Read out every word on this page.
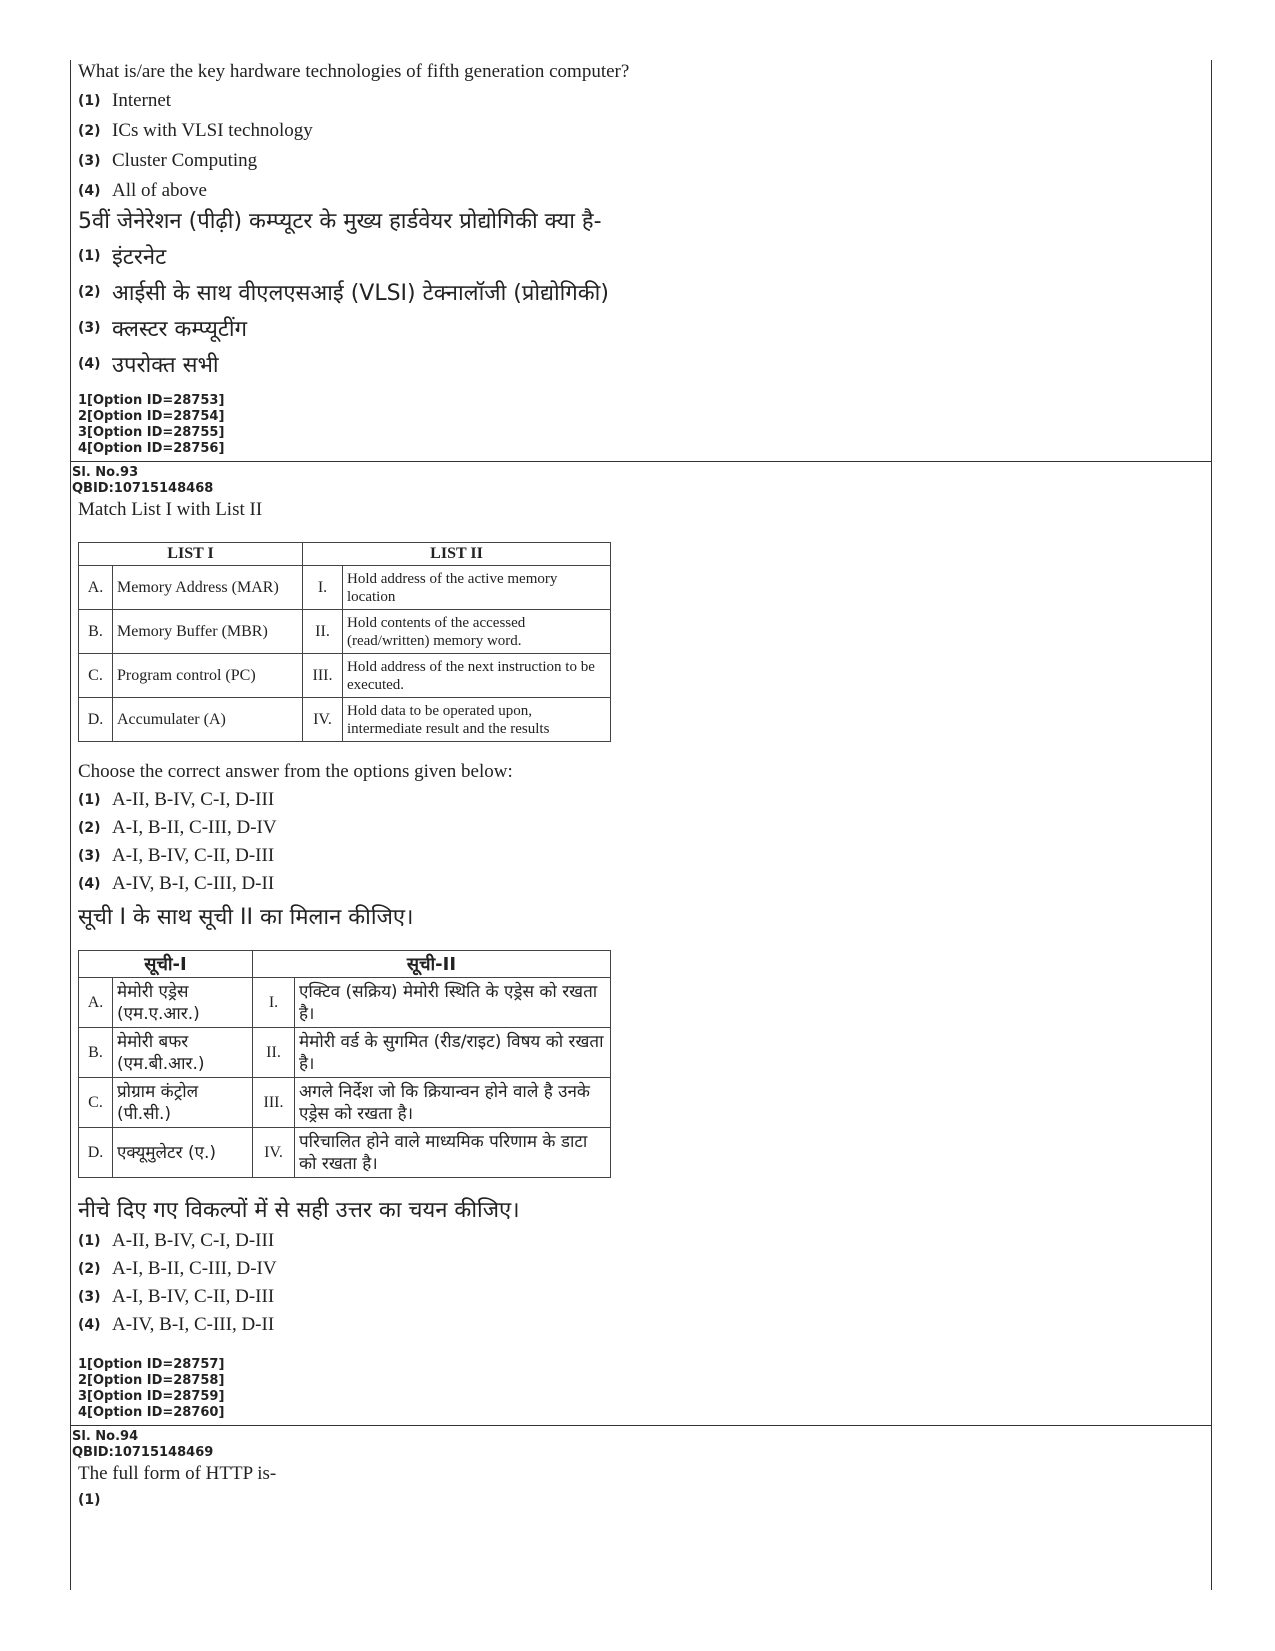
What is/are the key hardware technologies of fifth generation computer?

(1) Internet
(2) ICs with VLSI technology
(3) Cluster Computing
(4) All of above

5वीं जेनेरेशन (पीढ़ी) कम्प्यूटर के मुख्य हार्डवेयर प्रोद्योगिकी क्या है-

(1) इंटरनेट
(2) आईसी के साथ वीएलएसआई (VLSI) टेक्नालॉजी (प्रोद्योगिकी)
(3) क्लस्टर कम्प्यूटींग
(4) उपरोक्त सभी
1[Option ID=28753]
2[Option ID=28754]
3[Option ID=28755]
4[Option ID=28756]
Sl. No.93
QBID:10715148468

Match List I with List II

LIST I		LIST II	
A.	Memory Address (MAR)	I.	Hold address of the active memory location
B.	Memory Buffer (MBR)	II.	Hold contents of the accessed (read/written) memory word.
C.	Program control (PC)	III.	Hold address of the next instruction to be executed.
D.	Accumulater (A)	IV.	Hold data to be operated upon, intermediate result and the results

Choose the correct answer from the options given below:

(1) A-II, B-IV, C-I, D-III
(2) A-I, B-II, C-III, D-IV
(3) A-I, B-IV, C-II, D-III
(4) A-IV, B-I, C-III, D-II

सूची I के साथ सूची II का मिलान कीजिए।

सूची-I		सूची-II	
A.	मेमोरी एड्रेस (एम.ए.आर.)	I.	एक्टिव (सक्रिय) मेमोरी स्थिति के एड्रेस को रखता है।
B.	मेमोरी बफर (एम.बी.आर.)	II.	मेमोरी वर्ड के सुगमित (रीड/राइट) विषय को रखता है।
C.	प्रोग्राम कंट्रोल (पी.सी.)	III.	अगले निर्देश जो कि क्रियान्वन होने वाले है उनके एड्रेस को रखता है।
D.	एक्यूमुलेटर (ए.)	IV.	परिचालित होने वाले माध्यमिक परिणाम के डाटा को रखता है।

नीचे दिए गए विकल्पों में से सही उत्तर का चयन कीजिए।

(1) A-II, B-IV, C-I, D-III
(2) A-I, B-II, C-III, D-IV
(3) A-I, B-IV, C-II, D-III
(4) A-IV, B-I, C-III, D-II
1[Option ID=28757]
2[Option ID=28758]
3[Option ID=28759]
4[Option ID=28760]
Sl. No.94
QBID:10715148469

The full form of HTTP is-

(1)
